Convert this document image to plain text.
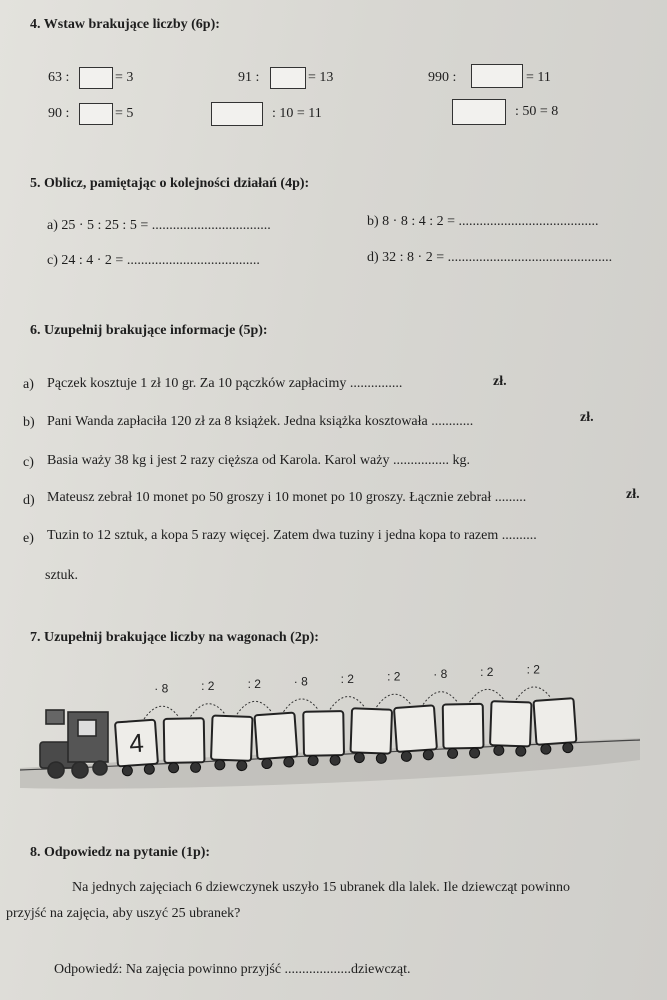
4. Wstaw brakujące liczby (6p):
63 :	= 3	91 :	= 13	990 :	= 11
90 :	= 5	: 10 = 11	: 50 = 8
5. Oblicz, pamiętając o kolejności działań (4p):
a) 25 · 5 : 25 : 5 = ..................................	b) 8 · 8 : 4 : 2 = ........................................
c) 24 : 4 · 2 = ......................................	d) 32 : 8 · 2 = ...............................................
6. Uzupełnij brakujące informacje (5p):
a) Pączek kosztuje 1 zł 10 gr. Za 10 pączków zapłacimy ...............	zł.
b) Pani Wanda zapłaciła 120 zł za 8 książek. Jedna książka kosztowała ............	zł.
c) Basia waży 38 kg i jest 2 razy cięższa od Karola. Karol waży ................ kg.
d) Mateusz zebrał 10 monet po 50 groszy i 10 monet po 10 groszy. Łącznie zebrał .........	zł.
e) Tuzin to 12 sztuk, a kopa 5 razy więcej. Zatem dwa tuziny i jedna kopa to razem ..........
sztuk.
7. Uzupełnij brakujące liczby na wagonach (2p):
4
· 8	: 2	: 2	· 8	: 2	: 2	· 8	: 2	: 2
8. Odpowiedz na pytanie (1p):
Na jednych zajęciach 6 dziewczynek uszyło 15 ubranek dla lalek. Ile dziewcząt powinno
przyjść na zajęcia, aby uszyć 25 ubranek?
Odpowiedź: Na zajęcia powinno przyjść ...................dziewcząt.
